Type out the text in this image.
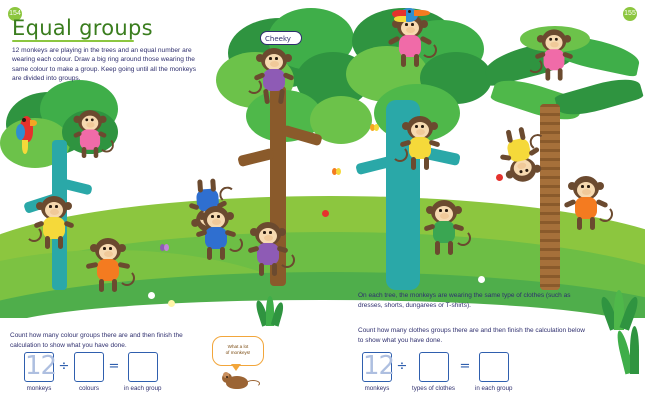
154	155
Equal groups
12 monkeys are playing in the trees and an equal number are wearing each colour. Draw a big ring around those wearing the same colour to make a group. Keep going until all the monkeys are divided into groups.
Cheeky
Count how many colour groups there are and then finish the calculation to show what you have done.
On each tree, the monkeys are wearing the same type of clothes (such as dresses, shorts, dungarees or T-shirts).
Count how many clothes groups there are and then finish the calculation below to show what you have done.
12
monkeys
÷
colours
=
in each group
12
monkeys
÷
types of clothes
=
in each group
What a lot
of monkeys!
